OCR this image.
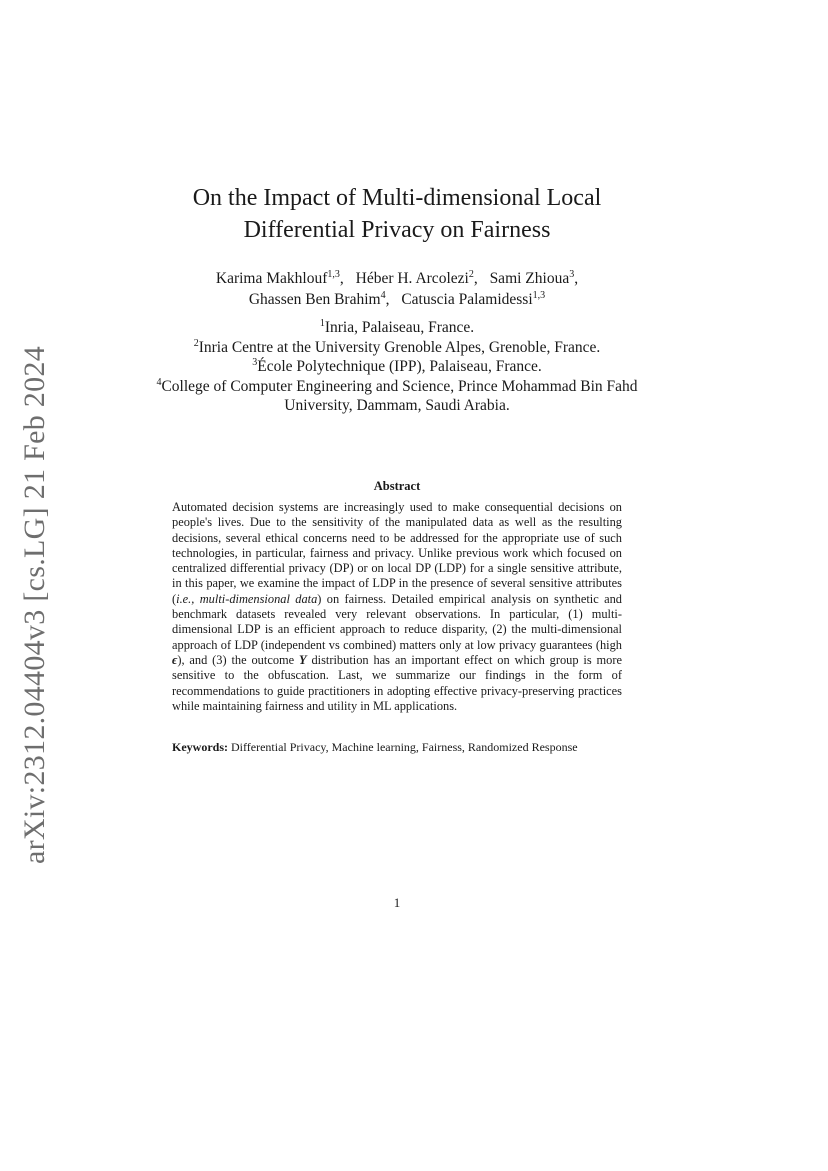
arXiv:2312.04404v3 [cs.LG] 21 Feb 2024
On the Impact of Multi-dimensional Local Differential Privacy on Fairness
Karima Makhlouf$^{1,3}$, Héber H. Arcolezi$^2$, Sami Zhioua$^3$,
Ghassen Ben Brahim$^4$, Catuscia Palamidessi$^{1,3}$
$^1$Inria, Palaiseau, France.
$^2$Inria Centre at the University Grenoble Alpes, Grenoble, France.
$^3$École Polytechnique (IPP), Palaiseau, France.
$^4$College of Computer Engineering and Science, Prince Mohammad Bin Fahd University, Dammam, Saudi Arabia.
Abstract

Automated decision systems are increasingly used to make consequential decisions on people's lives. Due to the sensitivity of the manipulated data as well as the resulting decisions, several ethical concerns need to be addressed for the appropriate use of such technologies, in particular, fairness and privacy. Unlike previous work which focused on centralized differential privacy (DP) or on local DP (LDP) for a single sensitive attribute, in this paper, we examine the impact of LDP in the presence of several sensitive attributes (i.e., multi-dimensional data) on fairness. Detailed empirical analysis on synthetic and benchmark datasets revealed very relevant observations. In particular, (1) multi-dimensional LDP is an efficient approach to reduce disparity, (2) the multi-dimensional approach of LDP (independent vs combined) matters only at low privacy guarantees (high ϵ), and (3) the outcome Y distribution has an important effect on which group is more sensitive to the obfuscation. Last, we summarize our findings in the form of recommendations to guide practitioners in adopting effective privacy-preserving practices while maintaining fairness and utility in ML applications.

Keywords: Differential Privacy, Machine learning, Fairness, Randomized Response
1
